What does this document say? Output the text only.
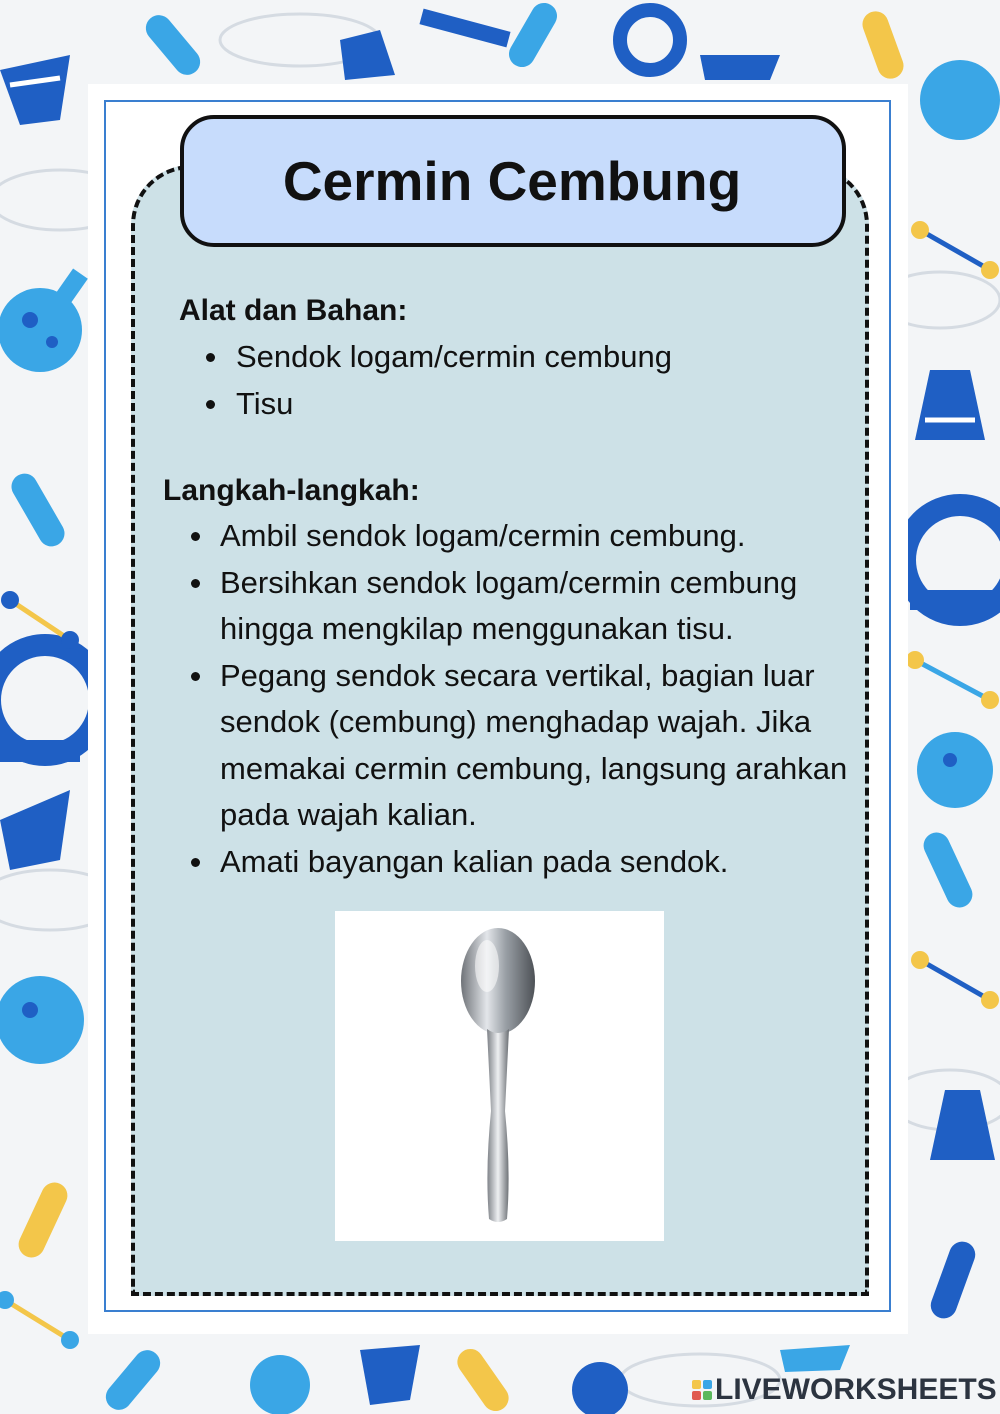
Cermin Cembung
Alat dan Bahan:
Sendok logam/cermin cembung
Tisu
Langkah-langkah:
Ambil sendok logam/cermin cembung.
Bersihkan sendok logam/cermin cembung hingga mengkilap menggunakan tisu.
Pegang sendok secara vertikal, bagian luar sendok (cembung) menghadap wajah. Jika memakai cermin cembung, langsung arahkan pada wajah kalian.
Amati bayangan kalian pada sendok.
LIVEWORKSHEETS
